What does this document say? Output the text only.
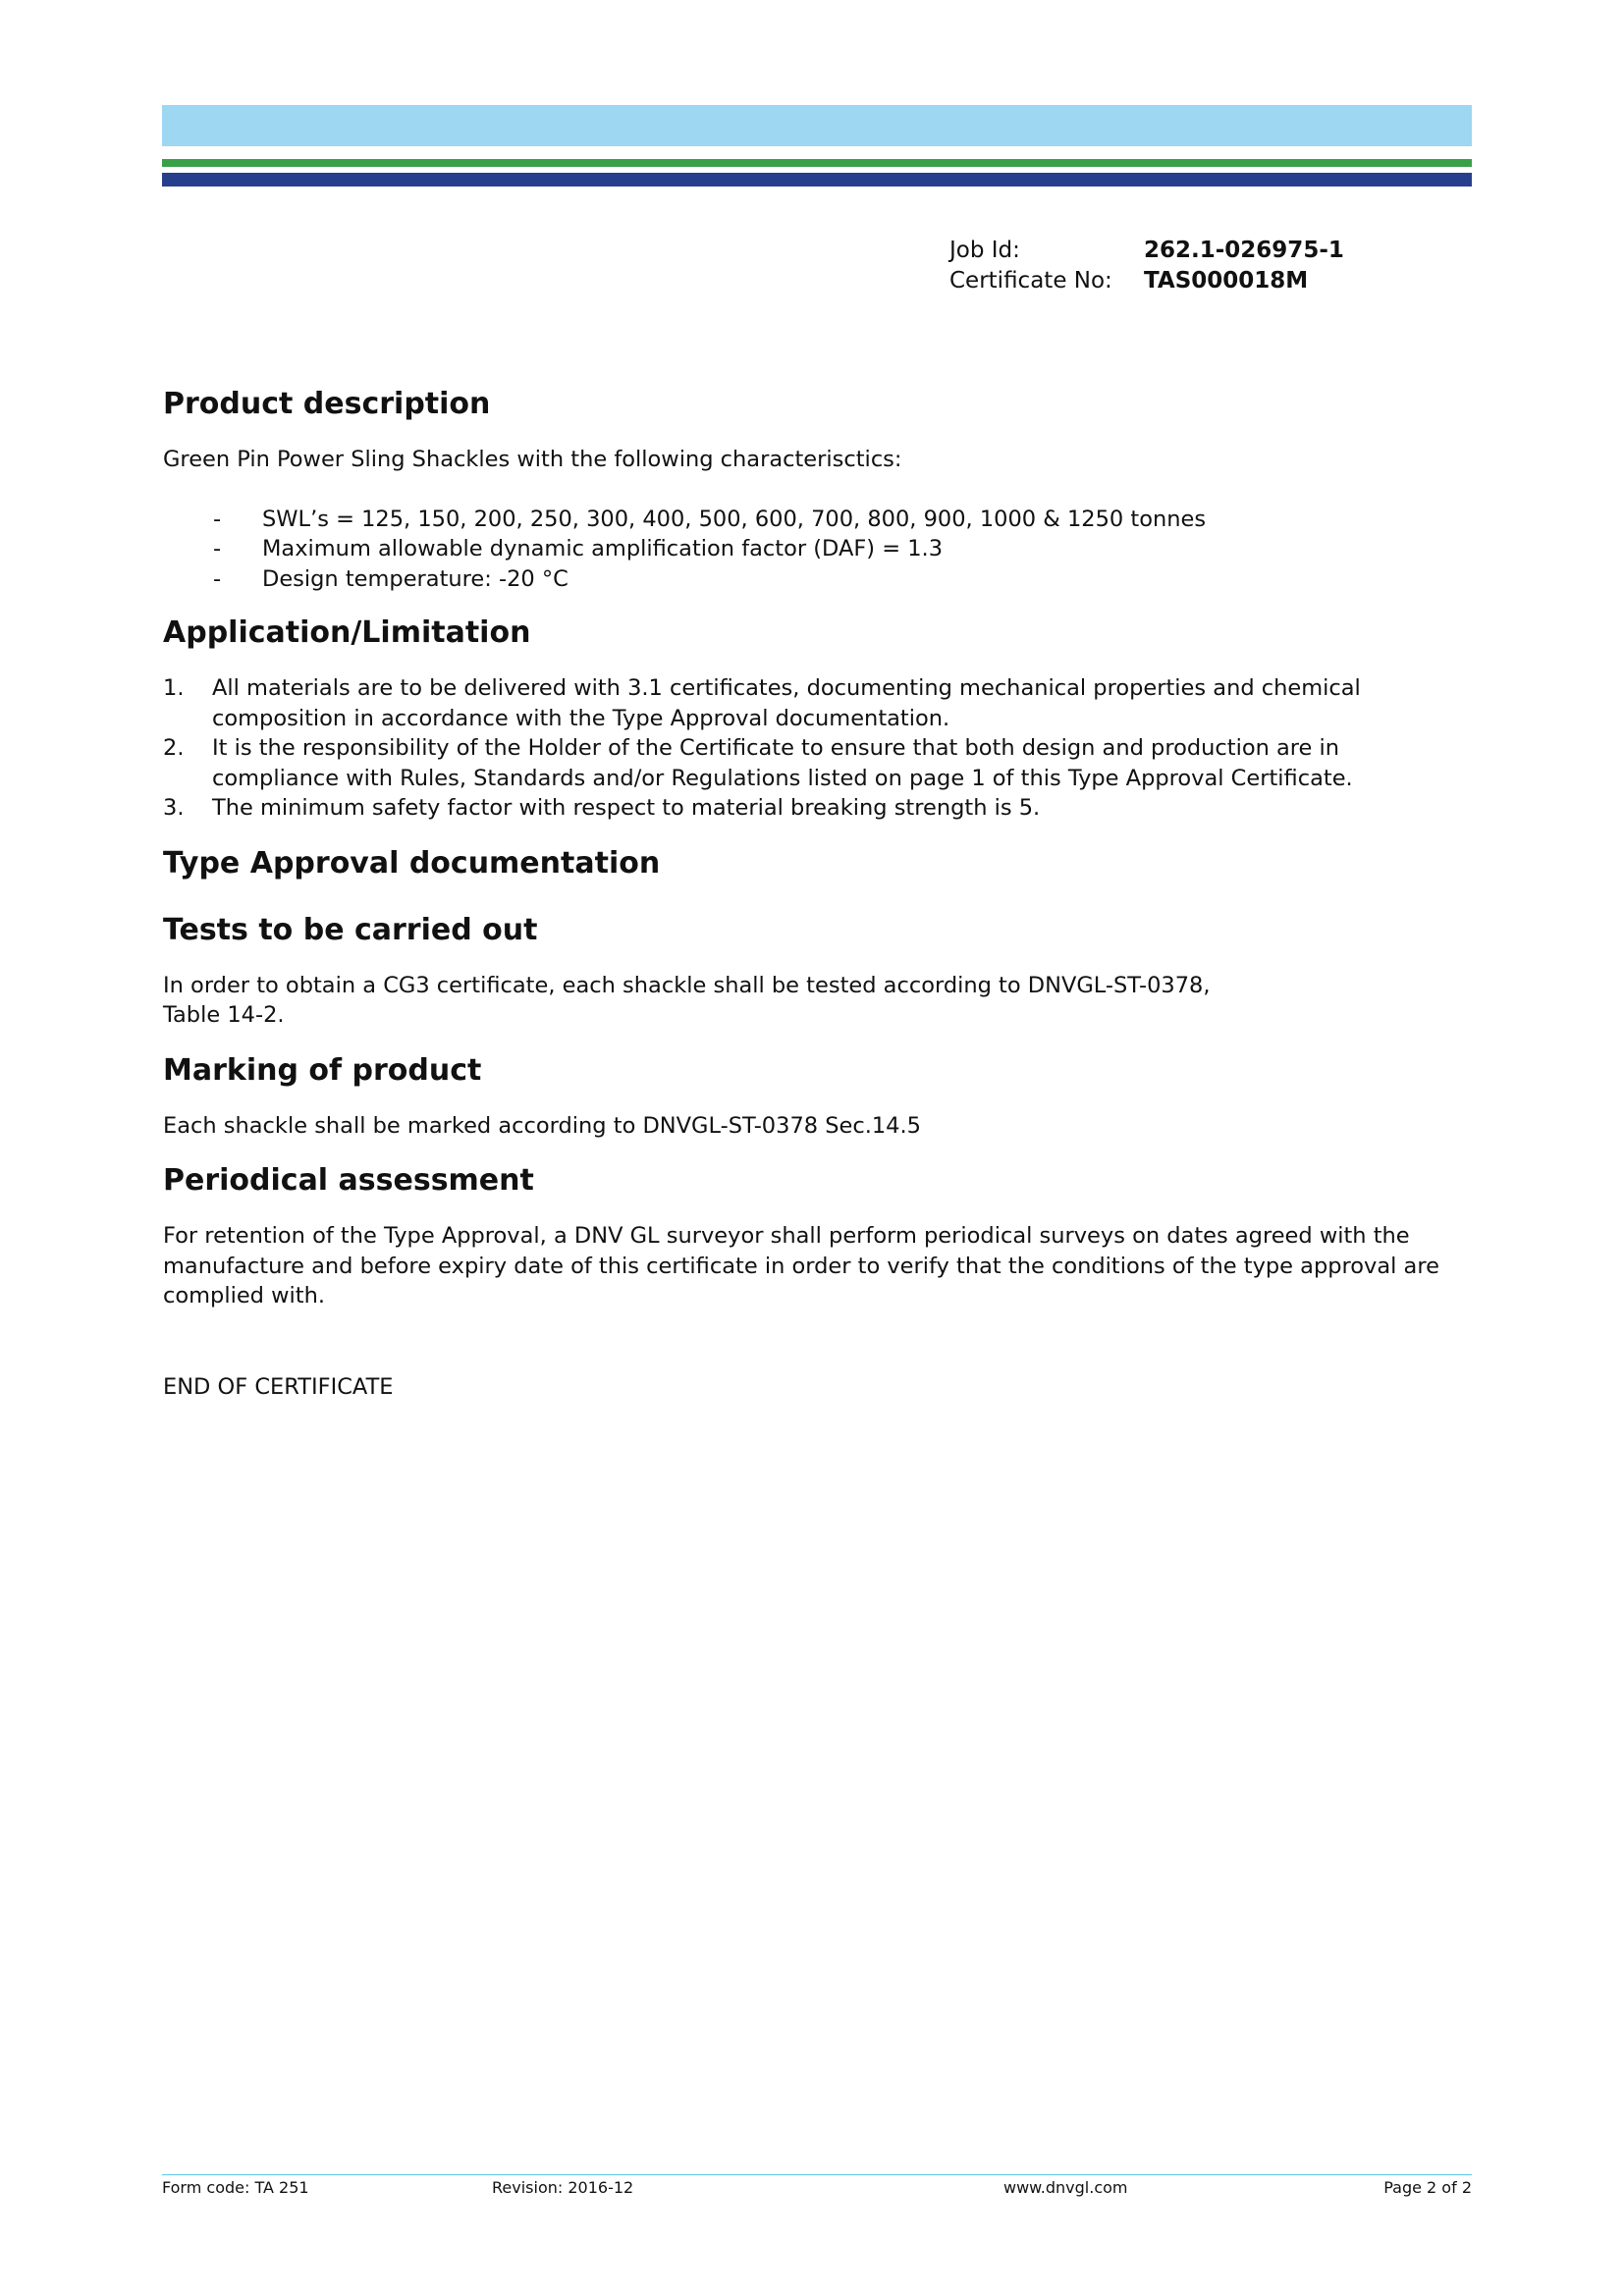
Job Id:	262.1-026975-1
Certificate No:	TAS000018M
Product description

Green Pin Power Sling Shackles with the following characterisctics:

-	SWL’s = 125, 150, 200, 250, 300, 400, 500, 600, 700, 800, 900, 1000 & 1250 tonnes
-	Maximum allowable dynamic amplification factor (DAF) = 1.3
-	Design temperature: -20 °C
Application/Limitation
1.	All materials are to be delivered with 3.1 certificates, documenting mechanical properties and chemical composition in accordance with the Type Approval documentation.
2.	It is the responsibility of the Holder of the Certificate to ensure that both design and production are in compliance with Rules, Standards and/or Regulations listed on page 1 of this Type Approval Certificate.
3.	The minimum safety factor with respect to material breaking strength is 5.
Type Approval documentation
Tests to be carried out

In order to obtain a CG3 certificate, each shackle shall be tested according to DNVGL-ST-0378,

Table 14-2.

Marking of product

Each shackle shall be marked according to DNVGL-ST-0378 Sec.14.5

Periodical assessment

For retention of the Type Approval, a DNV GL surveyor shall perform periodical surveys on dates agreed with the manufacture and before expiry date of this certificate in order to verify that the conditions of the type approval are complied with.

END OF CERTIFICATE

Form code: TA 251	Revision: 2016-12	www.dnvgl.com	Page 2 of 2
